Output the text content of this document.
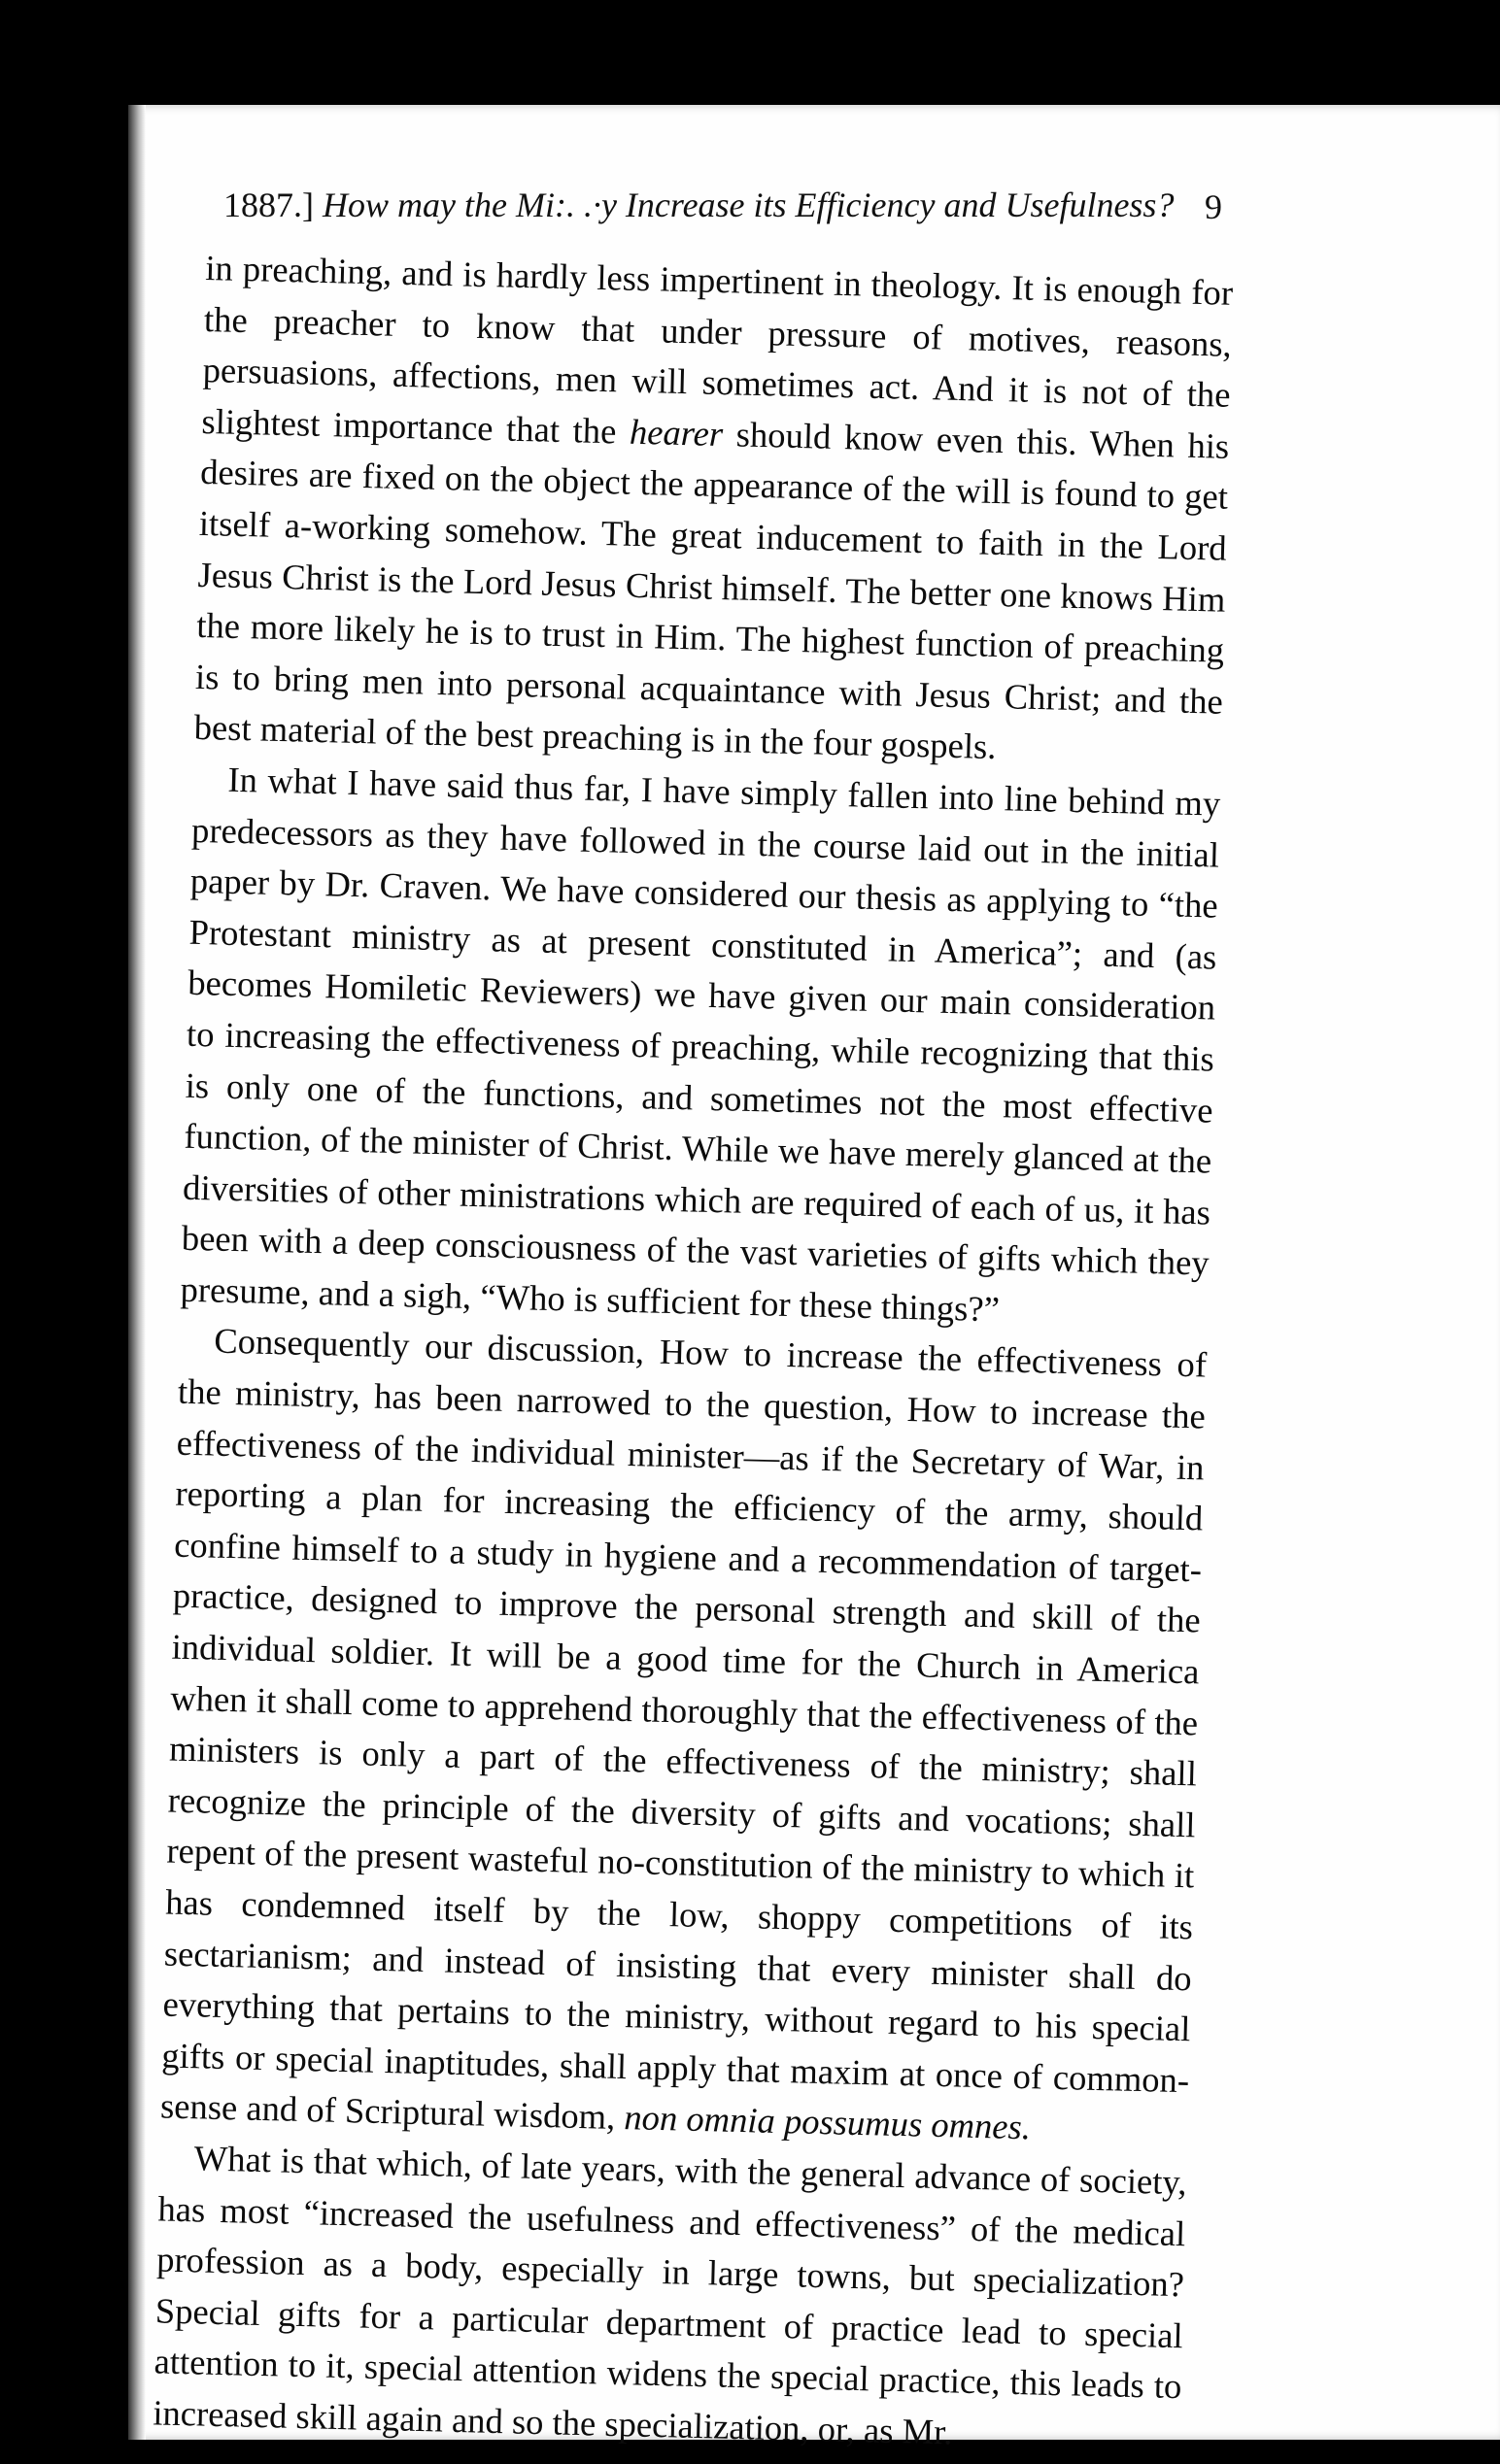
1887.] How may the Mi:. .·y Increase its Efficiency and Usefulness? 9

in preaching, and is hardly less impertinent in theology. It is enough for the preacher to know that under pressure of motives, reasons, persuasions, affections, men will sometimes act. And it is not of the slightest importance that the hearer should know even this. When his desires are fixed on the object the appearance of the will is found to get itself a-working somehow. The great inducement to faith in the Lord Jesus Christ is the Lord Jesus Christ himself. The better one knows Him the more likely he is to trust in Him. The highest function of preaching is to bring men into personal acquaintance with Jesus Christ; and the best material of the best preaching is in the four gospels.

In what I have said thus far, I have simply fallen into line behind my predecessors as they have followed in the course laid out in the initial paper by Dr. Craven. We have considered our thesis as applying to “the Protestant ministry as at present constituted in America”; and (as becomes Homiletic Reviewers) we have given our main consideration to increasing the effectiveness of preaching, while recognizing that this is only one of the functions, and sometimes not the most effective function, of the minister of Christ. While we have merely glanced at the diversities of other ministrations which are required of each of us, it has been with a deep consciousness of the vast varieties of gifts which they presume, and a sigh, “Who is sufficient for these things?”

Consequently our discussion, How to increase the effectiveness of the ministry, has been narrowed to the question, How to increase the effectiveness of the individual minister—as if the Secretary of War, in reporting a plan for increasing the efficiency of the army, should confine himself to a study in hygiene and a recommendation of target-practice, designed to improve the personal strength and skill of the individual soldier. It will be a good time for the Church in America when it shall come to apprehend thoroughly that the effectiveness of the ministers is only a part of the effectiveness of the ministry; shall recognize the principle of the diversity of gifts and vocations; shall repent of the present wasteful no-constitution of the ministry to which it has condemned itself by the low, shoppy competitions of its sectarianism; and instead of insisting that every minister shall do everything that pertains to the ministry, without regard to his special gifts or special inaptitudes, shall apply that maxim at once of common-sense and of Scriptural wisdom, non omnia possumus omnes.

What is that which, of late years, with the general advance of society, has most “increased the usefulness and effectiveness” of the medical profession as a body, especially in large towns, but specialization? Special gifts for a particular department of practice lead to special attention to it, special attention widens the special practice, this leads to increased skill again and so the specialization, or, as Mr.
